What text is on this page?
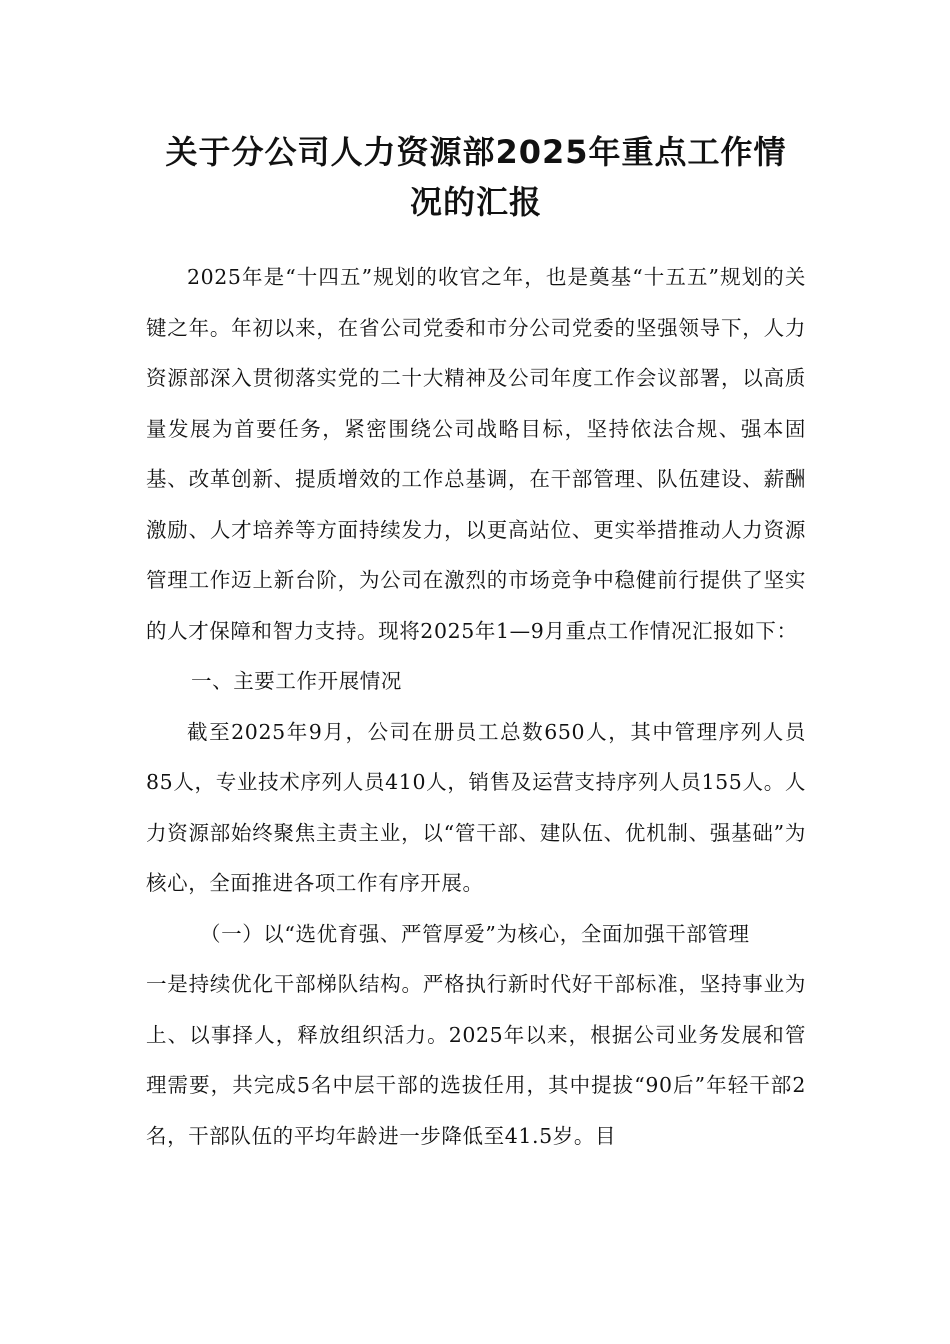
关于分公司人力资源部2025年重点工作情
况的汇报

2025年是“十四五”规划的收官之年，也是奠基“十五五”规划的关键之年。年初以来，在省公司党委和市分公司党委的坚强领导下，人力资源部深入贯彻落实党的二十大精神及公司年度工作会议部署，以高质量发展为首要任务，紧密围绕公司战略目标，坚持依法合规、强本固基、改革创新、提质增效的工作总基调，在干部管理、队伍建设、薪酬激励、人才培养等方面持续发力，以更高站位、更实举措推动人力资源管理工作迈上新台阶，为公司在激烈的市场竞争中稳健前行提供了坚实的人才保障和智力支持。现将2025年1—9月重点工作情况汇报如下：

一、主要工作开展情况

截至2025年9月，公司在册员工总数650人，其中管理序列人员85人，专业技术序列人员410人，销售及运营支持序列人员155人。人力资源部始终聚焦主责主业，以“管干部、建队伍、优机制、强基础”为核心，全面推进各项工作有序开展。

（一）以“选优育强、严管厚爱”为核心，全面加强干部管理

一是持续优化干部梯队结构。严格执行新时代好干部标准，坚持事业为上、以事择人，释放组织活力。2025年以来，根据公司业务发展和管理需要，共完成5名中层干部的选拔任用，其中提拔“90后”年轻干部2名，干部队伍的平均年龄进一步降低至41.5岁。目
